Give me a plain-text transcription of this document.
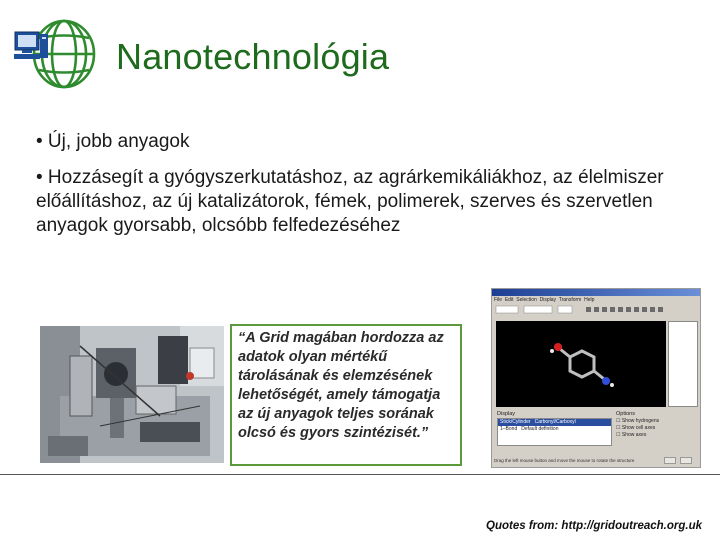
Nanotechnológia
• Új, jobb anyagok
• Hozzásegít a gyógyszerkutatáshoz, az agrárkemikáliákhoz, az élelmiszer előállításhoz, az új katalizátorok, fémek, polimerek, szerves és szervetlen anyagok gyorsabb, olcsóbb felfedezéséhez
“A Grid magában hordozza az adatok olyan mértékű tárolásának és elemzésének lehetőségét, amely támogatja az új anyagok teljes sorának olcsó és gyors szintézisét.”
File Edit Selection Display Transform Help
Display	Options
Stick/Cylinder Carbonyl/Carboxyl
1–Bond Default definition
☐ Show hydrogens
☐ Show cell axes
☐ Show axes
Drag the left mouse button and move the mouse to rotate the structure
Quotes from: http://gridoutreach.org.uk
